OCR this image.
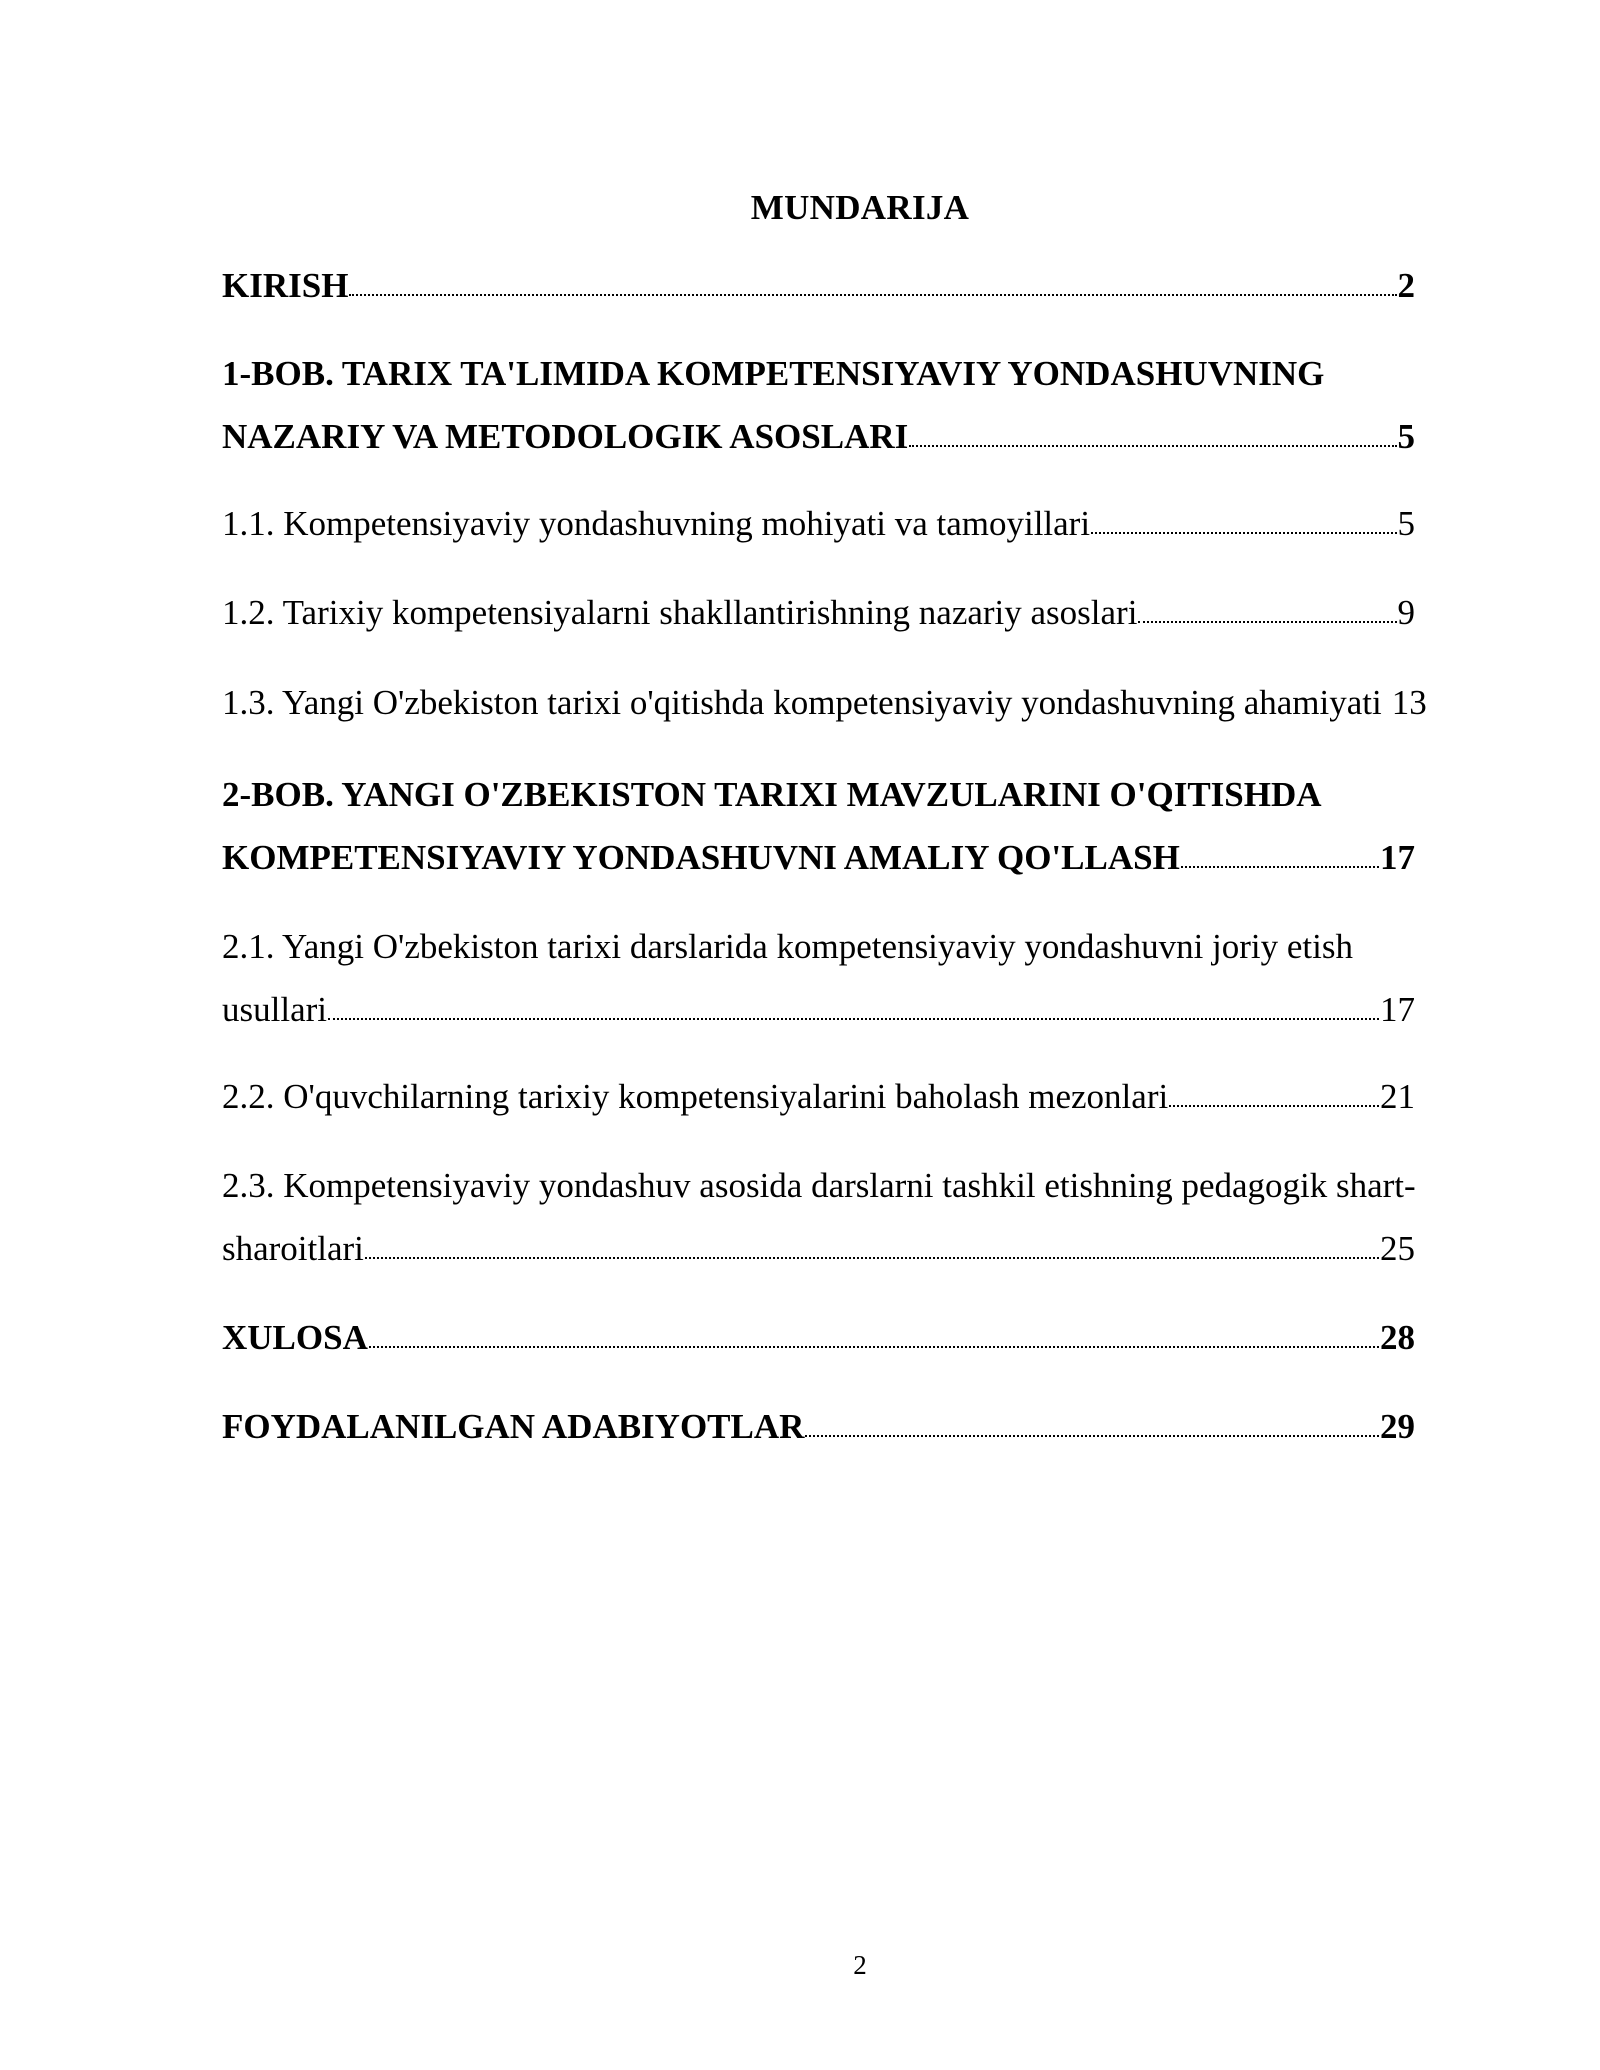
MUNDARIJA
KIRISH	2
1-BOB. TARIX TA'LIMIDA KOMPETENSIYAVIY YONDASHUVNING
NAZARIY VA METODOLOGIK ASOSLARI	5
1.1. Kompetensiyaviy yondashuvning mohiyati va tamoyillari	5
1.2. Tarixiy kompetensiyalarni shakllantirishning nazariy asoslari	9
1.3. Yangi O'zbekiston tarixi o'qitishda kompetensiyaviy yondashuvning ahamiyati 13
2-BOB. YANGI O'ZBEKISTON TARIXI MAVZULARINI O'QITISHDA
KOMPETENSIYAVIY YONDASHUVNI AMALIY QO'LLASH	17
2.1. Yangi O'zbekiston tarixi darslarida kompetensiyaviy yondashuvni joriy etish
usullari	17
2.2. O'quvchilarning tarixiy kompetensiyalarini baholash mezonlari	21
2.3. Kompetensiyaviy yondashuv asosida darslarni tashkil etishning pedagogik shart-
sharoitlari	25
XULOSA	28
FOYDALANILGAN ADABIYOTLAR	29
2
